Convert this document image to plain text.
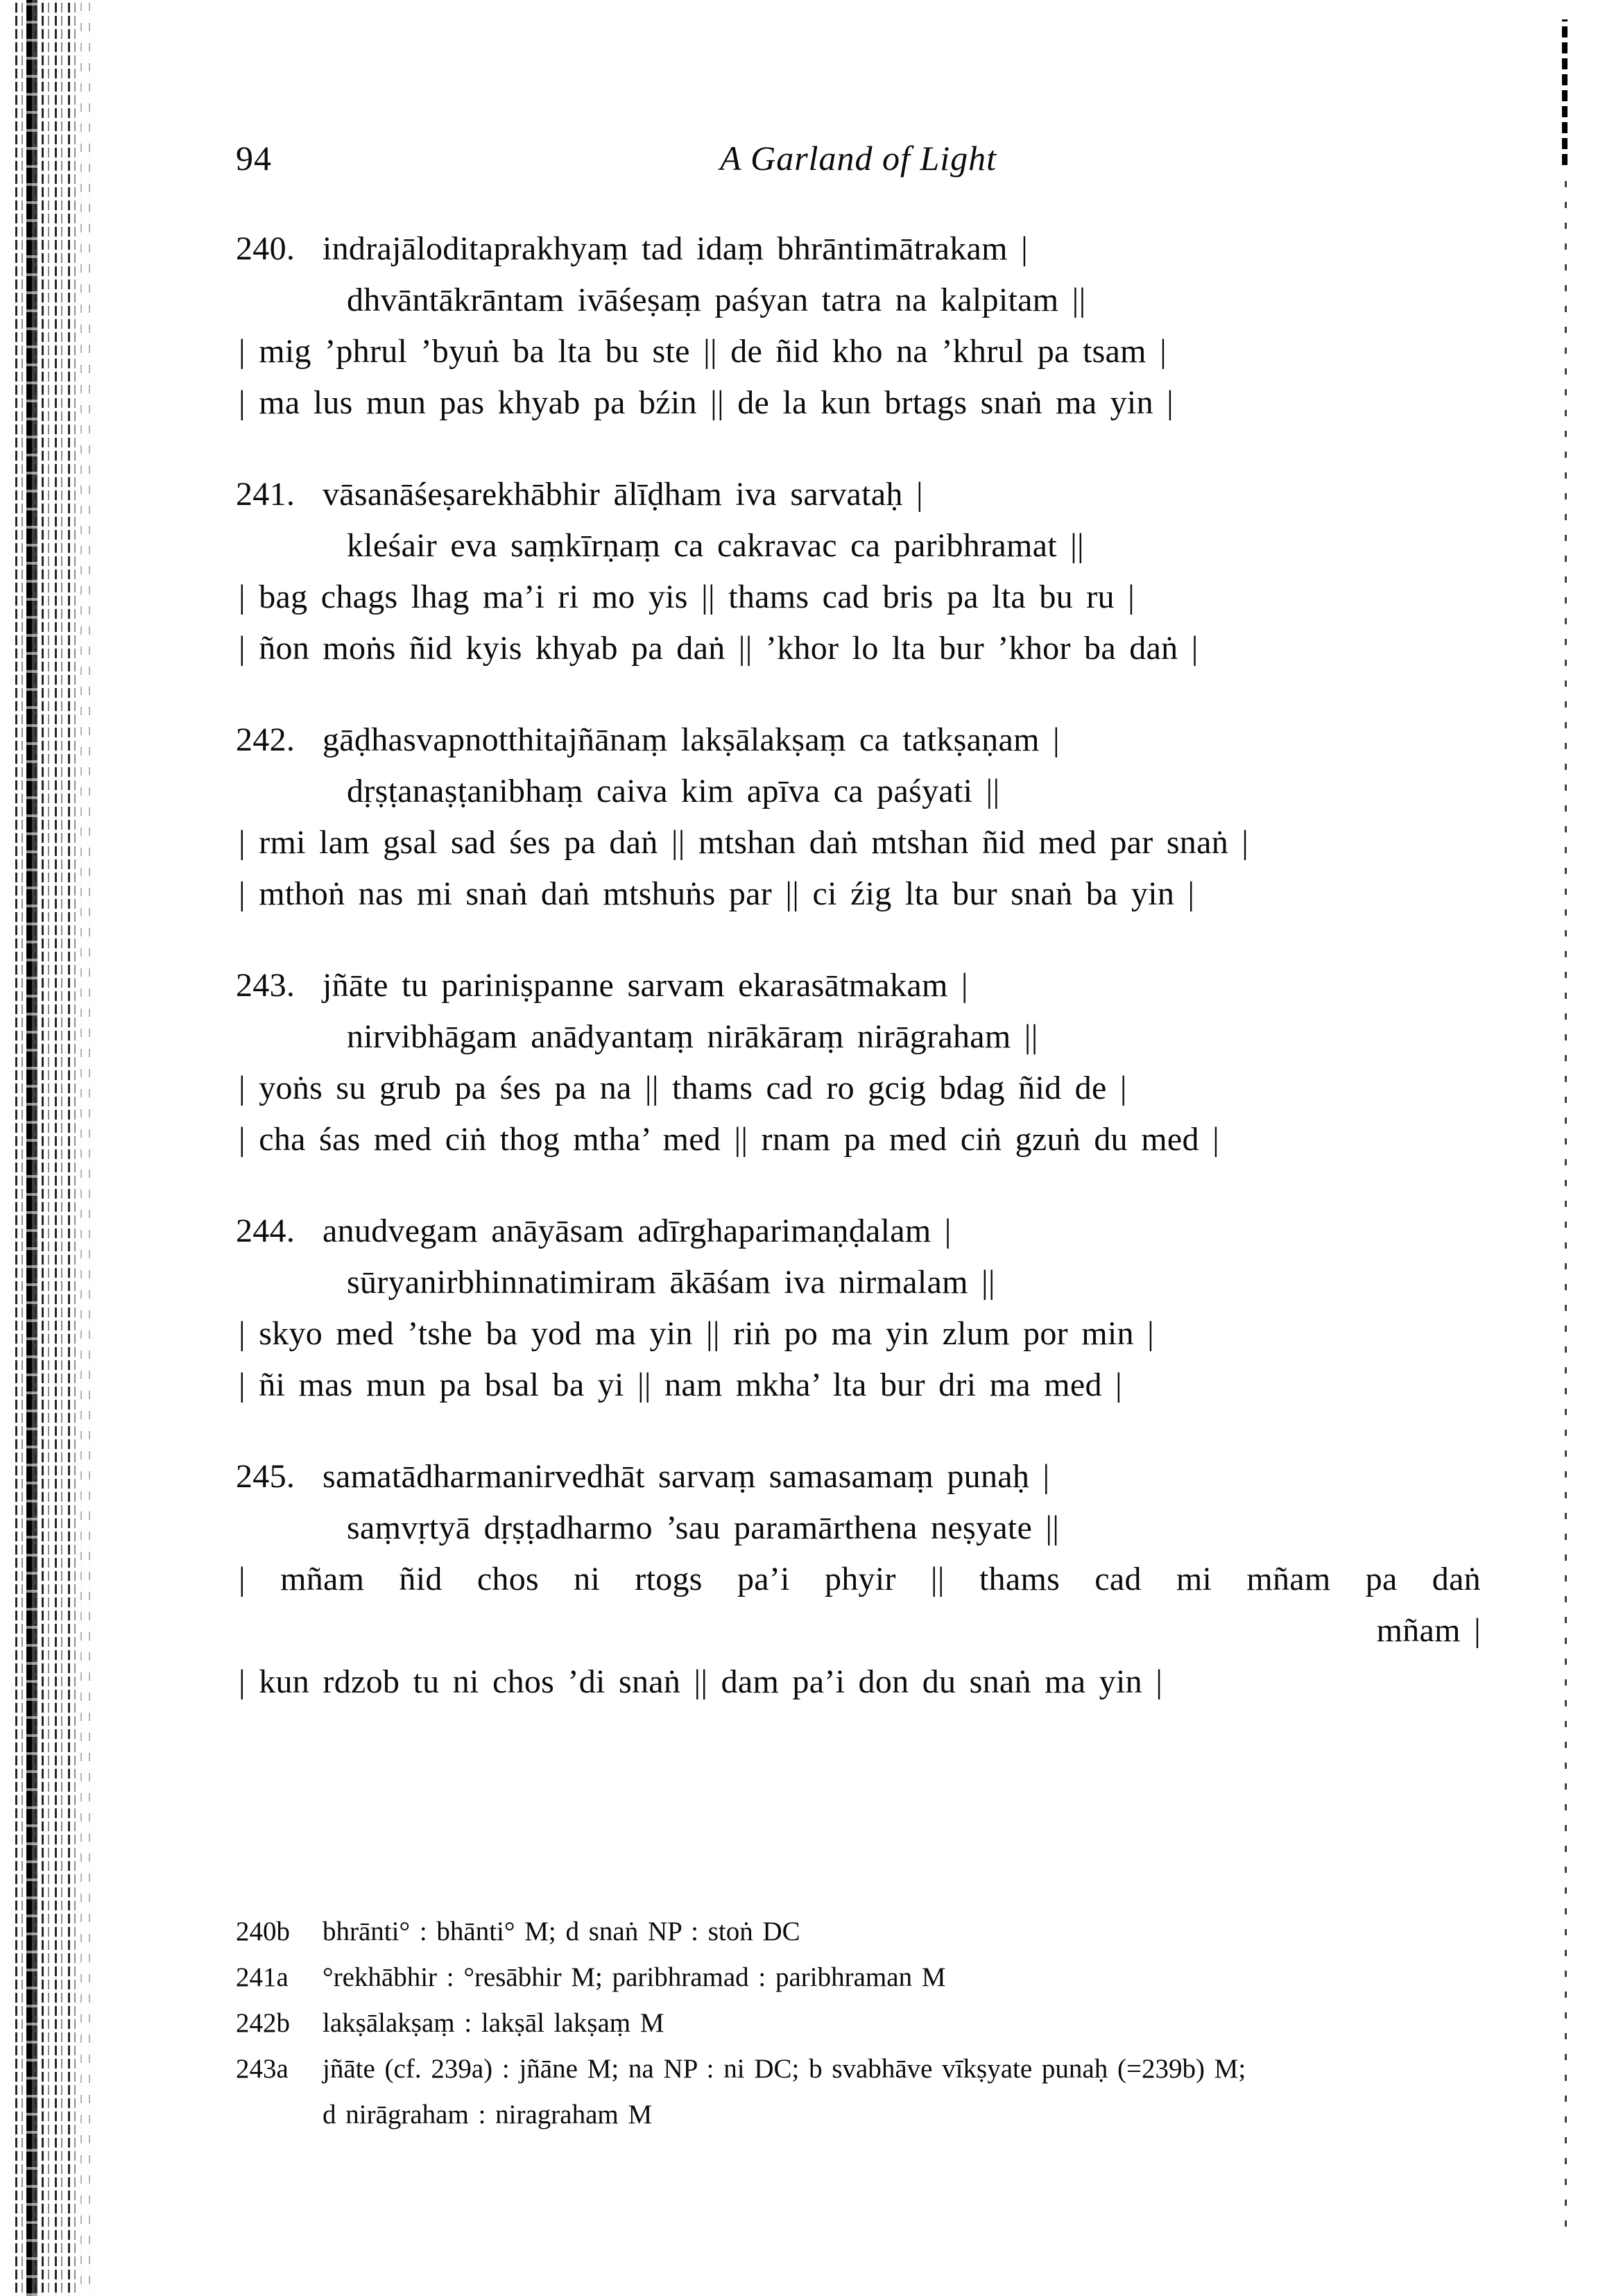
94	A Garland of Light
240. indrajāloditaprakhyaṃ tad idaṃ bhrāntimātrakam |
dhvāntākrāntam ivāśeṣaṃ paśyan tatra na kalpitam ||
| mig ’phrul ’byuṅ ba lta bu ste || de ñid kho na ’khrul pa tsam |
| ma lus mun pas khyab pa bźin || de la kun brtags snaṅ ma yin |
241. vāsanāśeṣarekhābhir ālīḍham iva sarvataḥ |
kleśair eva saṃkīrṇaṃ ca cakravac ca paribhramat ||
| bag chags lhag ma’i ri mo yis || thams cad bris pa lta bu ru |
| ñon moṅs ñid kyis khyab pa daṅ || ’khor lo lta bur ’khor ba daṅ |
242. gāḍhasvapnotthitajñānaṃ lakṣālakṣaṃ ca tatkṣaṇam |
dṛṣṭanaṣṭanibhaṃ caiva kim apīva ca paśyati ||
| rmi lam gsal sad śes pa daṅ || mtshan daṅ mtshan ñid med par snaṅ |
| mthoṅ nas mi snaṅ daṅ mtshuṅs par || ci źig lta bur snaṅ ba yin |
243. jñāte tu pariniṣpanne sarvam ekarasātmakam |
nirvibhāgam anādyantaṃ nirākāraṃ nirāgraham ||
| yoṅs su grub pa śes pa na || thams cad ro gcig bdag ñid de |
| cha śas med ciṅ thog mtha’ med || rnam pa med ciṅ gzuṅ du med |
244. anudvegam anāyāsam adīrghaparimaṇḍalam |
sūryanirbhinnatimiram ākāśam iva nirmalam ||
| skyo med ’tshe ba yod ma yin || riṅ po ma yin zlum por min |
| ñi mas mun pa bsal ba yi || nam mkha’ lta bur dri ma med |
245. samatādharmanirvedhāt sarvaṃ samasamaṃ punaḥ |
saṃvṛtyā dṛṣṭadharmo ’sau paramārthena neṣyate ||
| mñam ñid chos ni rtogs pa’i phyir || thams cad mi mñam pa daṅ
mñam |
| kun rdzob tu ni chos ’di snaṅ || dam pa’i don du snaṅ ma yin |
240b bhrānti° : bhānti° M; d snaṅ NP : stoṅ DC
241a °rekhābhir : °resābhir M; paribhramad : paribhraman M
242b lakṣālakṣaṃ : lakṣāl lakṣaṃ M
243a jñāte (cf. 239a) : jñāne M; na NP : ni DC; b svabhāve vīkṣyate punaḥ (=239b) M;
d nirāgraham : niragraham M
